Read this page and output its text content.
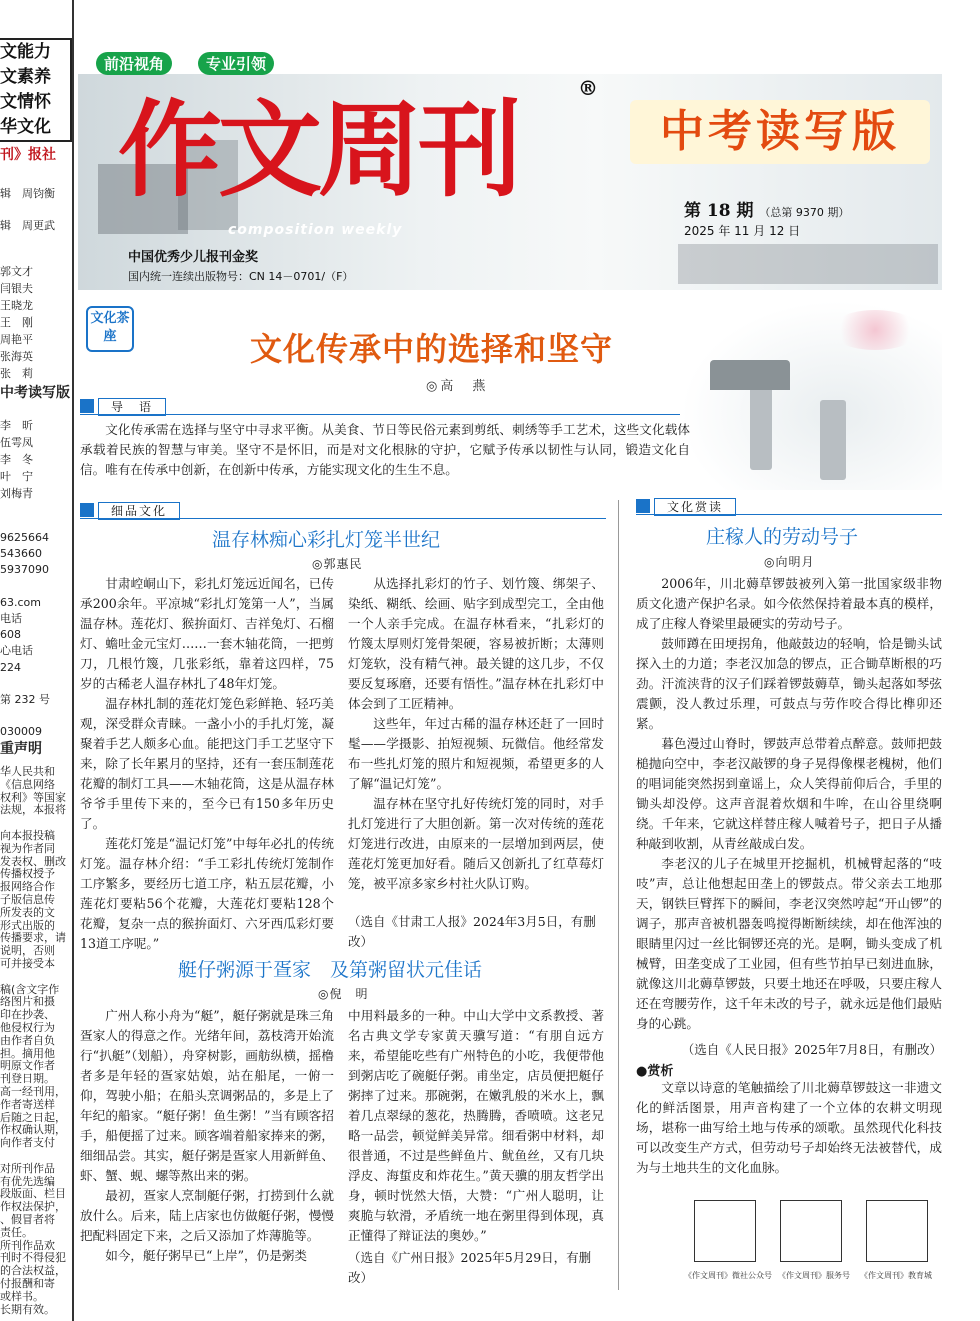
文能力
文素养
文情怀
华文化
刊》报社
辑　周钧衡
辑　周更武
郭文才
闫银夫
王晓龙
王　刚
周艳平
张海英
张　莉
中考读写版
李　昕
伍雩凤
李　冬
叶　宁
刘梅青
9625664
543660
5937090
63.com
电话
608
心电话
224
第 232 号
030009
重声明
华人民共和
《信息网络
权利》等国家
法规，本报将
向本报投稿
视为作者同
发表权、删改
传播权授予
报网络合作
子版信息传
所发表的文
形式出版的
传播要求，请
说明，否则
可并接受本
稿(含文字作
络图片和摄
印在抄袭、
他侵权行为
由作者自负
担。摘用他
明原文作者
刊登日期。
高一经刊用，
作者寄送样
后随之日起，
作权确认期，
向作者支付
对所刊作品
有优先选编
段版面、栏目
作权法保护，
、假冒者将
责任。
所刊作品欢
刊时不得侵犯
的合法权益，
付报酬和寄
或样书。
长期有效。
前沿视角	专业引领
作文周刊	®
composition weekly
中国优秀少儿报刊金奖
国内统一连续出版物号：CN 14－0701/（F）
中考读写版
第 18 期 （总第 9370 期）
2025 年 11 月 12 日
文化茶座	文化传承中的选择和坚守
◎高　燕
导　语

文化传承需在选择与坚守中寻求平衡。从美食、节日等民俗元素到剪纸、刺绣等手工艺术，这些文化载体承载着民族的智慧与审美。坚守不是怀旧，而是对文化根脉的守护，它赋予传承以韧性与认同，锻造文化自信。唯有在传承中创新，在创新中传承，方能实现文化的生生不息。

细品文化
温存林痴心彩扎灯笼半世纪
◎郭惠民

甘肃崆峒山下，彩扎灯笼远近闻名，已传承200余年。平凉城“彩扎灯笼第一人”，当属温存林。莲花灯、猴拚面灯、吉祥兔灯、石榴灯、蟾吐金元宝灯……一套木轴花筒，一把剪刀，几根竹篾，几张彩纸，靠着这四样，75岁的古稀老人温存林扎了48年灯笼。

温存林扎制的莲花灯笼色彩鲜艳、轻巧美观，深受群众青睐。一盏小小的手扎灯笼，凝聚着手艺人颇多心血。能把这门手工艺坚守下来，除了长年累月的坚持，还有一套压制莲花花瓣的制灯工具——木轴花筒，这是从温存林爷爷手里传下来的，至今已有150多年历史了。

莲花灯笼是“温记灯笼”中每年必扎的传统灯笼。温存林介绍：“手工彩扎传统灯笼制作工序繁多，要经历七道工序，粘五层花瓣，小莲花灯要粘56个花瓣，大莲花灯要粘128个花瓣，复杂一点的猴拚面灯、六牙西瓜彩灯要13道工序呢。”

从选择扎彩灯的竹子、划竹篾、绑架子、染纸、糊纸、绘画、贴字到成型完工，全由他一个人亲手完成。在温存林看来，“扎彩灯的竹篾太厚则灯笼骨架硬，容易被折断；太薄则灯笼软，没有精气神。最关键的这几步，不仅要反复琢磨，还要有悟性。”温存林在扎彩灯中体会到了工匠精神。

这些年，年过古稀的温存林还赶了一回时髦——学摄影、拍短视频、玩微信。他经常发布一些扎灯笼的照片和短视频，希望更多的人了解“温记灯笼”。

温存林在坚守扎好传统灯笼的同时，对手扎灯笼进行了大胆创新。第一次对传统的莲花灯笼进行改进，由原来的一层增加到两层，使莲花灯笼更加好看。随后又创新扎了红草莓灯笼，被平凉多家乡村社火队订购。

（选自《甘肃工人报》2024年3月5日，有删改）
艇仔粥源于疍家　及第粥留状元佳话
◎倪　明

广州人称小舟为“艇”，艇仔粥就是珠三角疍家人的得意之作。光绪年间，荔枝湾开始流行“扒艇”（划船），舟穿树影，画舫纵横，摇橹者多是年轻的疍家姑娘，站在船尾，一俯一仰，驾驶小船；在船头烹调粥品的，多是上了年纪的船家。“艇仔粥！鱼生粥！”当有顾客招手，船便摇了过来。顾客端着船家捧来的粥，细细品尝。其实，艇仔粥是疍家人用新鲜鱼、虾、蟹、蚬、螺等熬出来的粥。

最初，疍家人烹制艇仔粥，打捞到什么就放什么。后来，陆上店家也仿做艇仔粥，慢慢把配料固定下来，之后又添加了炸薄脆等。

如今，艇仔粥早已“上岸”，仍是粥类

中用料最多的一种。中山大学中文系教授、著名古典文学专家黄天骥写道：“有朋自远方来，希望能吃些有广州特色的小吃，我便带他到粥店吃了碗艇仔粥。甫坐定，店员便把艇仔粥摔了过来。那碗粥，在嫩乳般的米水上，飘着几点翠绿的葱花，热腾腾，香喷喷。这老兄略一品尝，顿觉鲜美异常。细看粥中材料，却很普通，不过是些鲜鱼片、鱿鱼丝，又有几块浮皮、海蜇皮和炸花生。”黄天骥的朋友哲学出身，顿时恍然大悟，大赞：“广州人聪明，让爽脆与软滑，矛盾统一地在粥里得到体现，真正懂得了辩证法的奥妙。”

（选自《广州日报》2025年5月29日，有删改）
文化赏读
庄稼人的劳动号子
◎向明月

2006年，川北薅草锣鼓被列入第一批国家级非物质文化遗产保护名录。如今依然保持着最本真的模样，成了庄稼人脊梁里最硬实的劳动号子。

鼓师蹲在田埂拐角，他敲鼓边的轻响，恰是锄头试探入土的力道；李老汉加急的锣点，正合锄草断根的巧劲。汗流浃背的汉子们踩着锣鼓薅草，锄头起落如琴弦震颤，没人教过乐理，可鼓点与劳作咬合得比榫卯还紧。

暮色漫过山脊时，锣鼓声总带着点醉意。鼓师把鼓槌抛向空中，李老汉敲锣的身子晃得像棵老槐树，他们的唱词能突然拐到童谣上，众人笑得前仰后合，手里的锄头却没停。这声音混着炊烟和牛哞，在山谷里绕啊绕。千年来，它就这样替庄稼人喊着号子，把日子从播种敲到收割，从青丝敲成白发。

李老汉的儿子在城里开挖掘机，机械臂起落的“吱吱”声，总让他想起田垄上的锣鼓点。带父亲去工地那天，钢铁巨臂挥下的瞬间，李老汉突然哼起“开山锣”的调子，那声音被机器轰鸣搅得断断续续，却在他浑浊的眼睛里闪过一丝比铜锣还亮的光。是啊，锄头变成了机械臂，田垄变成了工业园，但有些节拍早已刻进血脉，就像这川北薅草锣鼓，只要土地还在呼吸，只要庄稼人还在弯腰劳作，这千年未改的号子，就永远是他们最贴身的心跳。

（选自《人民日报》2025年7月8日，有删改）
●赏析

文章以诗意的笔触描绘了川北薅草锣鼓这一非遗文化的鲜活图景，用声音构建了一个立体的农耕文明现场，堪称一曲写给土地与传承的颂歌。虽然现代化科技可以改变生产方式，但劳动号子却始终无法被替代，成为与土地共生的文化血脉。

《作文周刊》微社公众号 《作文周刊》服务号 《作文周刊》教育城
